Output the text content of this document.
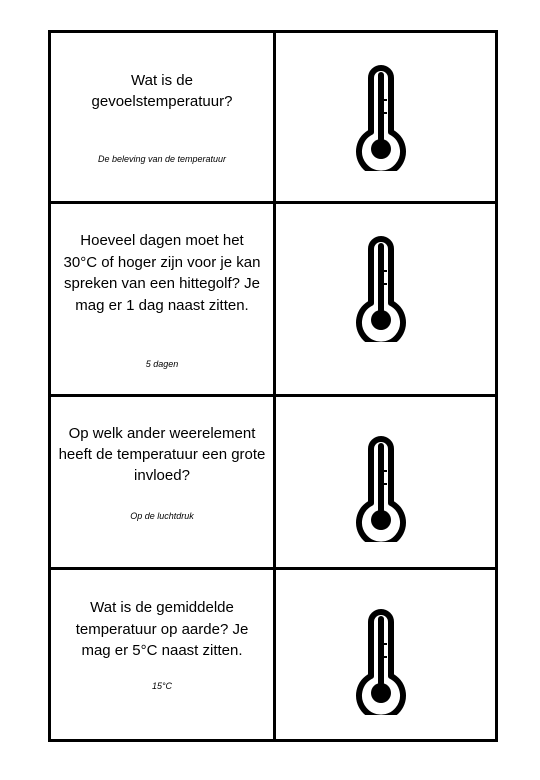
Wat is de gevoelstemperatuur?
De beleving van de temperatuur
Hoeveel dagen moet het 30°C of hoger zijn voor je kan spreken van een hittegolf? Je mag er 1 dag naast zitten.
5 dagen
Op welk ander weerelement heeft de temperatuur een grote invloed?
Op de luchtdruk
Wat is de gemiddelde temperatuur op aarde? Je mag er 5°C naast zitten.
15°C
